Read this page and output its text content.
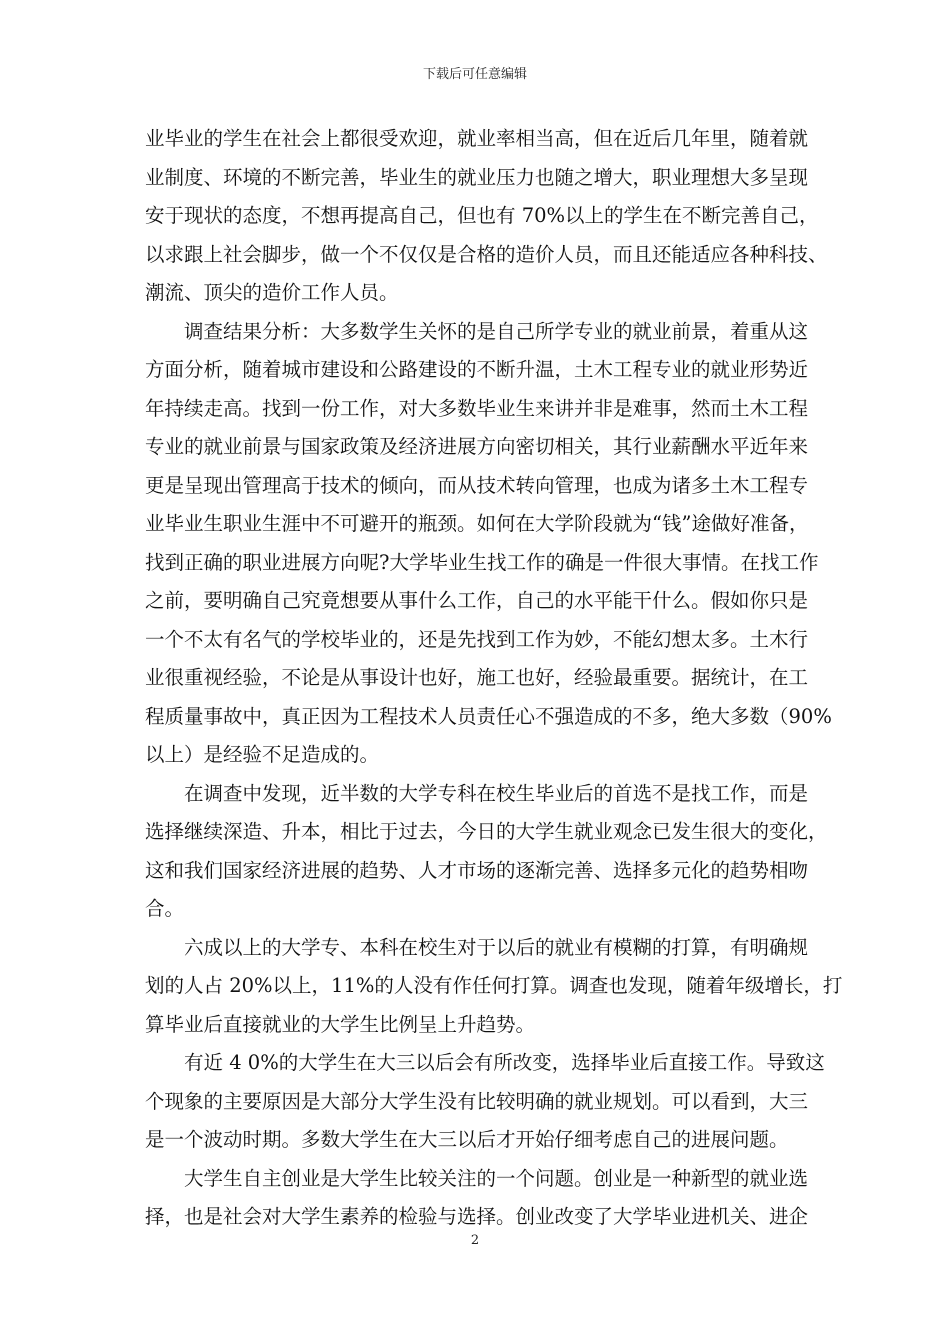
下载后可任意编辑
业毕业的学生在社会上都很受欢迎，就业率相当高，但在近后几年里，随着就
业制度、环境的不断完善，毕业生的就业压力也随之增大，职业理想大多呈现
安于现状的态度，不想再提高自己，但也有 70%以上的学生在不断完善自己，
以求跟上社会脚步，做一个不仅仅是合格的造价人员，而且还能适应各种科技、
潮流、顶尖的造价工作人员。
调查结果分析：大多数学生关怀的是自己所学专业的就业前景，着重从这
方面分析，随着城市建设和公路建设的不断升温，土木工程专业的就业形势近
年持续走高。找到一份工作，对大多数毕业生来讲并非是难事，然而土木工程
专业的就业前景与国家政策及经济进展方向密切相关，其行业薪酬水平近年来
更是呈现出管理高于技术的倾向，而从技术转向管理，也成为诸多土木工程专
业毕业生职业生涯中不可避开的瓶颈。如何在大学阶段就为“钱”途做好准备，
找到正确的职业进展方向呢?大学毕业生找工作的确是一件很大事情。在找工作
之前，要明确自己究竟想要从事什么工作，自己的水平能干什么。假如你只是
一个不太有名气的学校毕业的，还是先找到工作为妙，不能幻想太多。土木行
业很重视经验，不论是从事设计也好，施工也好，经验最重要。据统计，在工
程质量事故中，真正因为工程技术人员责任心不强造成的不多，绝大多数（90%
以上）是经验不足造成的。
在调查中发现，近半数的大学专科在校生毕业后的首选不是找工作，而是
选择继续深造、升本，相比于过去，今日的大学生就业观念已发生很大的变化，
这和我们国家经济进展的趋势、人才市场的逐渐完善、选择多元化的趋势相吻
合。
六成以上的大学专、本科在校生对于以后的就业有模糊的打算，有明确规
划的人占 20%以上，11%的人没有作任何打算。调查也发现，随着年级增长，打
算毕业后直接就业的大学生比例呈上升趋势。
有近 4 0%的大学生在大三以后会有所改变，选择毕业后直接工作。导致这
个现象的主要原因是大部分大学生没有比较明确的就业规划。可以看到，大三
是一个波动时期。多数大学生在大三以后才开始仔细考虑自己的进展问题。
大学生自主创业是大学生比较关注的一个问题。创业是一种新型的就业选
择，也是社会对大学生素养的检验与选择。创业改变了大学毕业进机关、进企
2
